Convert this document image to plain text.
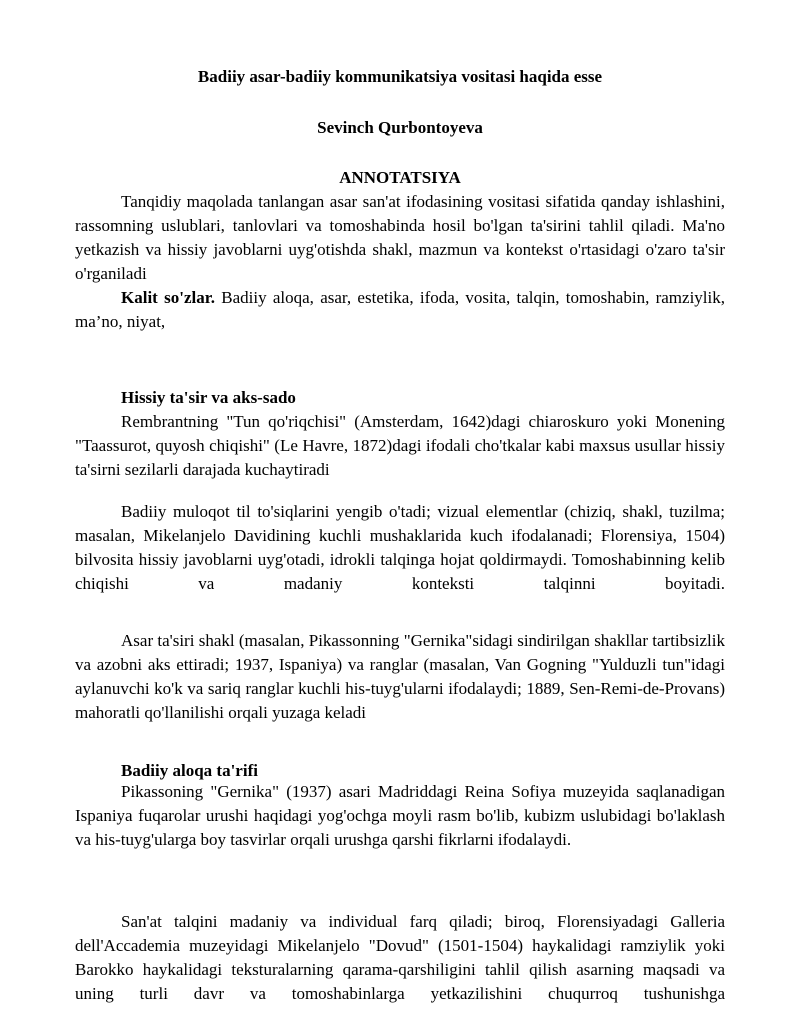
Badiiy asar-badiiy kommunikatsiya vositasi haqida esse
Sevinch Qurbontoyeva
ANNOTATSIYA
Tanqidiy maqolada tanlangan asar san'at ifodasining vositasi sifatida qanday ishlashini, rassomning uslublari, tanlovlari va tomoshabinda hosil bo'lgan ta'sirini tahlil qiladi. Ma'no yetkazish va hissiy javoblarni uyg'otishda shakl, mazmun va kontekst o'rtasidagi o'zaro ta'sir o'rganiladi
Kalit so'zlar. Badiiy aloqa, asar, estetika, ifoda, vosita, talqin, tomoshabin, ramziylik, ma’no, niyat,
Hissiy ta'sir va aks-sado
Rembrantning "Tun qo'riqchisi" (Amsterdam, 1642)dagi chiaroskuro yoki Monening "Taassurot, quyosh chiqishi" (Le Havre, 1872)dagi ifodali cho'tkalar kabi maxsus usullar hissiy ta'sirni sezilarli darajada kuchaytiradi
Badiiy muloqot til to'siqlarini yengib o'tadi; vizual elementlar (chiziq, shakl, tuzilma; masalan, Mikelanjelo Davidining kuchli mushaklarida kuch ifodalanadi; Florensiya, 1504) bilvosita hissiy javoblarni uyg'otadi, idrokli talqinga hojat qoldirmaydi. Tomoshabinning kelib chiqishi va madaniy konteksti talqinni boyitadi.
Asar ta'siri shakl (masalan, Pikassonning "Gernika"sidagi sindirilgan shakllar tartibsizlik va azobni aks ettiradi; 1937, Ispaniya) va ranglar (masalan, Van Gogning "Yulduzli tun"idagi aylanuvchi ko'k va sariq ranglar kuchli his-tuyg'ularni ifodalaydi; 1889, Sen-Remi-de-Provans) mahoratli qo'llanilishi orqali yuzaga keladi
Badiiy aloqa ta'rifi
Pikassoning "Gernika" (1937) asari Madriddagi Reina Sofiya muzeyida saqlanadigan Ispaniya fuqarolar urushi haqidagi yog'ochga moyli rasm bo'lib, kubizm uslubidagi bo'laklash va his-tuyg'ularga boy tasvirlar orqali urushga qarshi fikrlarni ifodalaydi.
San'at talqini madaniy va individual farq qiladi; biroq, Florensiyadagi Galleria dell'Accademia muzeyidagi Mikelanjelo "Dovud" (1501-1504) haykalidagi ramziylik yoki Barokko haykalidagi teksturalarning qarama-qarshiligini tahlil qilish asarning maqsadi va uning turli davr va tomoshabinlarga yetkazilishini chuqurroq tushunishga
